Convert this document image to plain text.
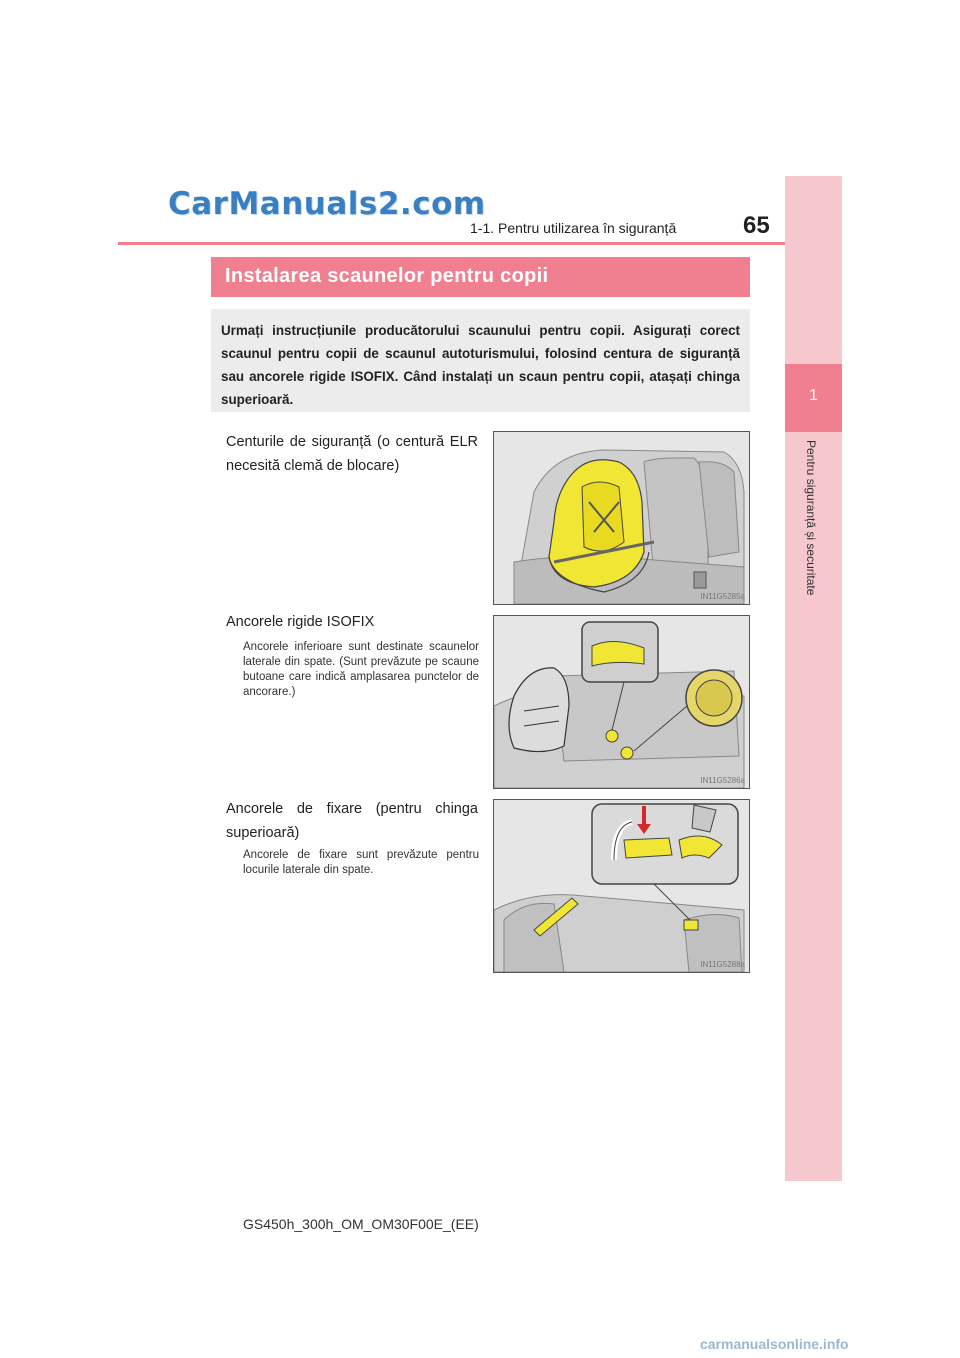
CarManuals2.com
1-1. Pentru utilizarea în siguranță	65
1
Pentru siguranță și securitate
Instalarea scaunelor pentru copii
Urmați instrucțiunile producătorului scaunului pentru copii. Asigurați corect scaunul pentru copii de scaunul autoturismului, folosind centura de siguranță sau ancorele rigide ISOFIX. Când instalați un scaun pentru copii, atașați chinga superioară.
Centurile de siguranță (o centură ELR necesită clemă de blocare)
IN11G5285a
Ancorele rigide ISOFIX
Ancorele inferioare sunt destinate scaunelor laterale din spate. (Sunt prevăzute pe scaune butoane care indică amplasarea punctelor de ancorare.)
IN11G5286a
Ancorele de fixare (pentru chinga superioară)
Ancorele de fixare sunt prevăzute pentru locurile laterale din spate.
IN11G5288a
GS450h_300h_OM_OM30F00E_(EE)
carmanualsonline.info
